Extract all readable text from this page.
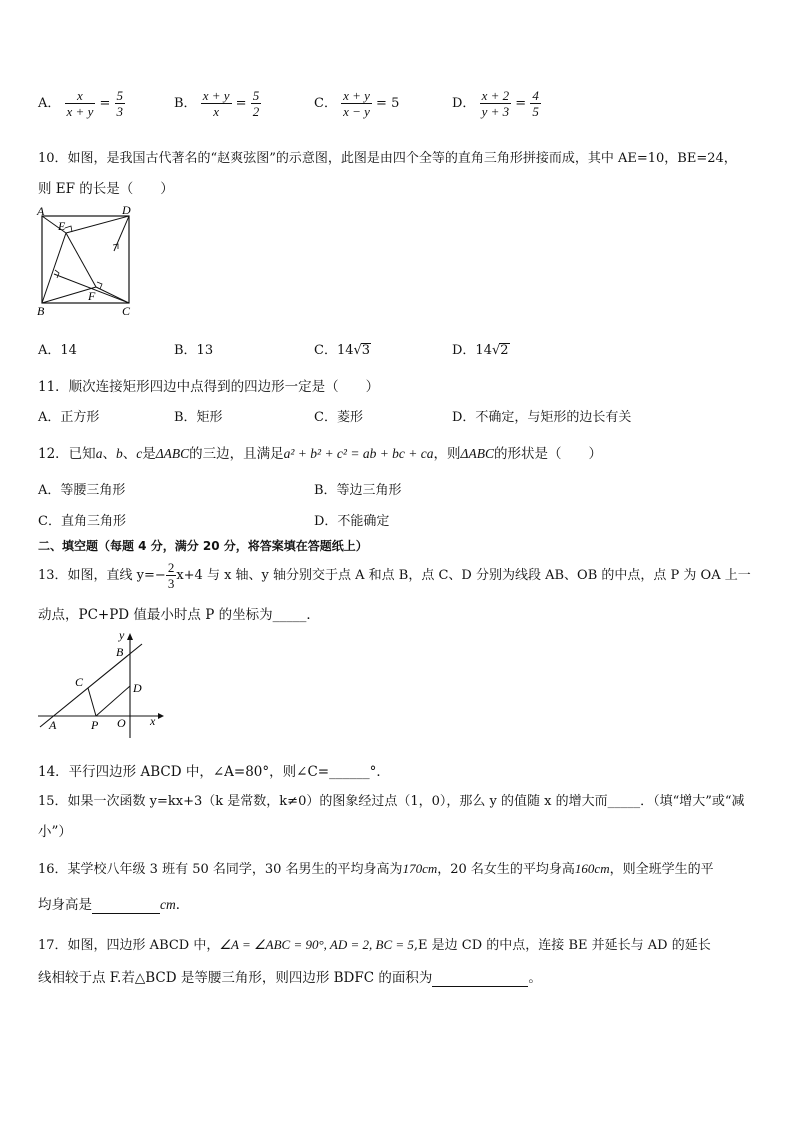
A． $\frac{x}{x + y} = \frac{5}{3}$	B． $\frac{x + y}{x} = \frac{5}{2}$	C． $\frac{x + y}{x - y} = 5$	D． $\frac{x + 2}{y + 3} = \frac{4}{5}$
10．如图，是我国古代著名的“赵爽弦图”的示意图，此图是由四个全等的直角三角形拼接而成，其中 AE=10，BE=24，
则 EF 的长是（　　）
A	D
E
F
B	C
A．14	B．13	C．14√3	D．14√2
11．顺次连接矩形四边中点得到的四边形一定是（　　）
A．正方形	B．矩形	C．菱形	D．不确定，与矩形的边长有关
12．已知a、b、c是ΔABC的三边，且满足a² + b² + c² = ab + bc + ca，则ΔABC的形状是（　　）
A．等腰三角形	B．等边三角形
C．直角三角形	D．不能确定
二、填空题（每题 4 分，满分 20 分，将答案填在答题纸上）
13．如图，直线 $y=- \frac{2}{3} x+4$ 与 x 轴、y 轴分别交于点 A 和点 B，点 C、D 分别为线段 AB、OB 的中点，点 P 为 OA 上一
动点，PC+PD 值最小时点 P 的坐标为_____．
y
x
B
C	D
A	P O
14．平行四边形 ABCD 中，∠A=80°，则∠C=______°．
15．如果一次函数 y=kx+3（k 是常数，k≠0）的图象经过点（1，0），那么 y 的值随 x 的增大而_____．（填“增大”或“减
小”）
16．某学校八年级 3 班有 50 名同学，30 名男生的平均身高为170cm，20 名女生的平均身高160cm，则全班学生的平
均身高是	cm．
17．如图，四边形 ABCD 中，∠A = ∠ABC = 90°, AD = 2, BC = 5,E 是边 CD 的中点，连接 BE 并延长与 AD 的延长
线相较于点 F.若△BCD 是等腰三角形，则四边形 BDFC 的面积为	。
